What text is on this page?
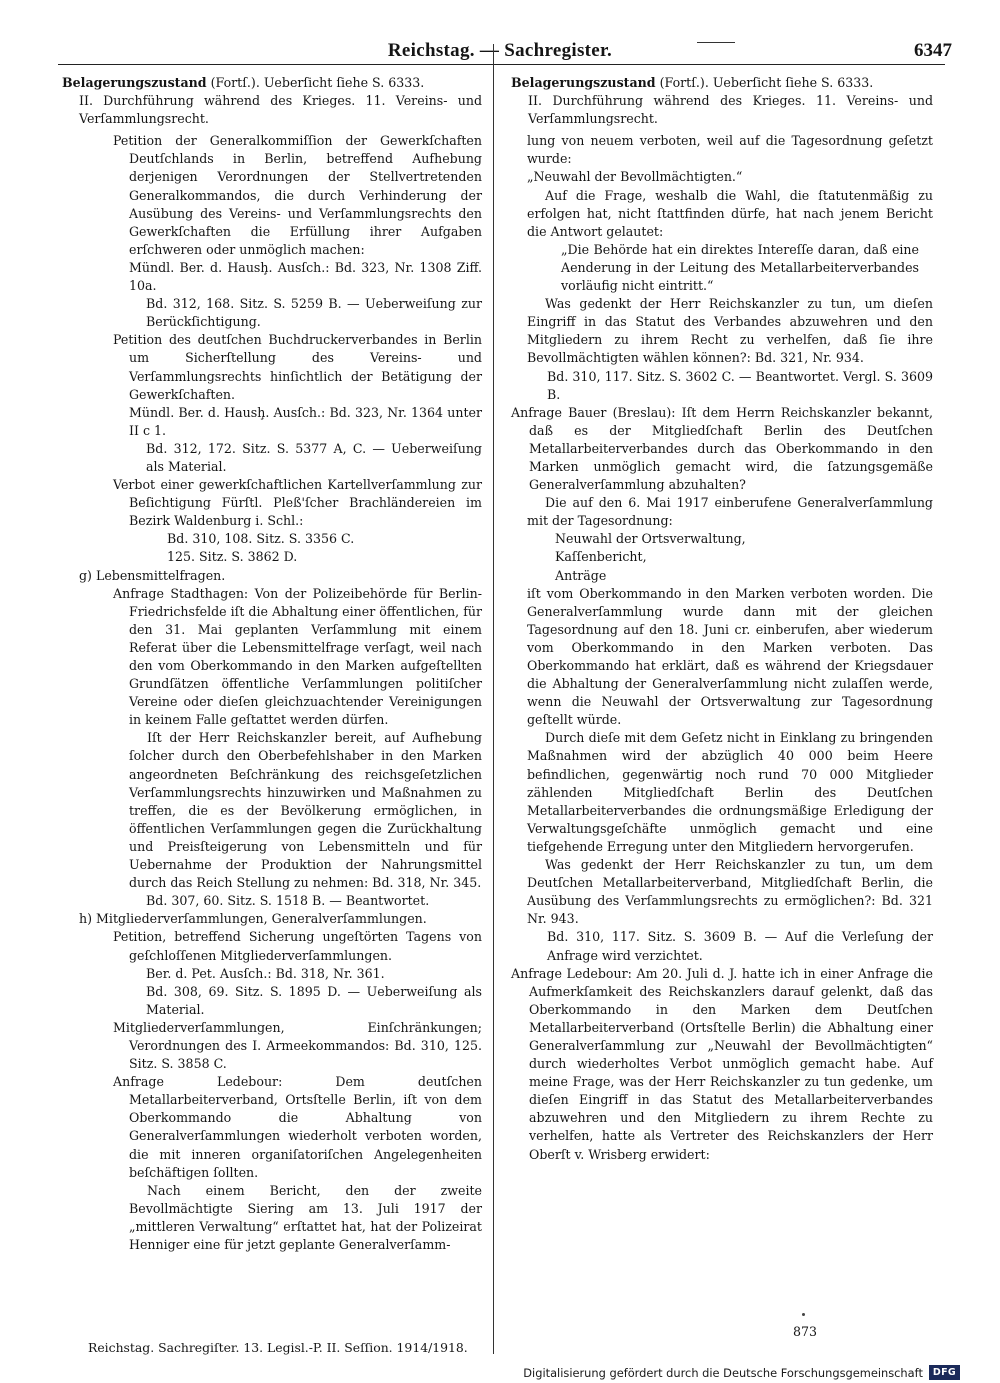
Reichstag. — Sachregister.	6347
Belagerungszustand (Fortſ.). Ueberſicht ſiehe S. 6333.
II. Durchführung während des Krieges. 11. Vereins- und Verſammlungsrecht.
Petition der Generalkommiſſion der Gewerkſchaften Deutſchlands in Berlin, betreffend Aufhebung derjenigen Verordnungen der Stellvertretenden Generalkommandos, die durch Verhinderung der Ausübung des Vereins- und Verſammlungsrechts den Gewerkſchaften die Erfüllung ihrer Aufgaben erſchweren oder unmöglich machen:
Mündl. Ber. d. Hausḩ. Ausſch.: Bd. 323, Nr. 1308 Ziff. 10a.
Bd. 312, 168. Sitz. S. 5259 B. — Ueberweiſung zur Berückſichtigung.
Petition des deutſchen Buchdruckerverbandes in Berlin um Sicherſtellung des Vereins- und Verſammlungsrechts hinſichtlich der Betätigung der Gewerkſchaften.
Mündl. Ber. d. Hausḩ. Ausſch.: Bd. 323, Nr. 1364 unter II c 1.
Bd. 312, 172. Sitz. S. 5377 A, C. — Ueberweiſung als Material.
Verbot einer gewerkſchaftlichen Kartellverſammlung zur Beſichtigung Fürſtl. Pleß'ſcher Brachländereien im Bezirk Waldenburg i. Schl.:
Bd. 310, 108. Sitz. S. 3356 C.
125. Sitz. S. 3862 D.
g) Lebensmittelfragen.
Anfrage Stadthagen: Von der Polizeibehörde für Berlin-Friedrichsfelde iſt die Abhaltung einer öffentlichen, für den 31. Mai geplanten Verſammlung mit einem Referat über die Lebensmittelfrage verſagt, weil nach den vom Oberkommando in den Marken aufgeſtellten Grundſätzen öffentliche Verſammlungen politiſcher Vereine oder dieſen gleichzuachtender Vereinigungen in keinem Falle geſtattet werden dürfen.
Iſt der Herr Reichskanzler bereit, auf Aufhebung ſolcher durch den Oberbefehlshaber in den Marken angeordneten Beſchränkung des reichsgeſetzlichen Verſammlungsrechts hinzuwirken und Maßnahmen zu treffen, die es der Bevölkerung ermöglichen, in öffentlichen Verſammlungen gegen die Zurückhaltung und Preisſteigerung von Lebensmitteln und für Uebernahme der Produktion der Nahrungsmittel durch das Reich Stellung zu nehmen: Bd. 318, Nr. 345.
Bd. 307, 60. Sitz. S. 1518 B. — Beantwortet.
h) Mitgliederverſammlungen, Generalverſammlungen.
Petition, betreffend Sicherung ungeſtörten Tagens von geſchloſſenen Mitgliederverſammlungen.
Ber. d. Pet. Ausſch.: Bd. 318, Nr. 361.
Bd. 308, 69. Sitz. S. 1895 D. — Ueberweiſung als Material.
Mitgliederverſammlungen, Einſchränkungen; Verordnungen des I. Armeekommandos: Bd. 310, 125. Sitz. S. 3858 C.
Anfrage Ledebour: Dem deutſchen Metallarbeiterverband, Ortsſtelle Berlin, iſt von dem Oberkommando die Abhaltung von Generalverſammlungen wiederholt verboten worden, die mit inneren organiſatoriſchen Angelegenheiten beſchäftigen ſollten.
Nach einem Bericht, den der zweite Bevollmächtigte Siering am 13. Juli 1917 der „mittleren Verwaltung“ erſtattet hat, hat der Polizeirat Henniger eine für jetzt geplante Generalverſamm-
Belagerungszustand (Fortſ.). Ueberſicht ſiehe S. 6333.
II. Durchführung während des Krieges. 11. Vereins- und Verſammlungsrecht.
lung von neuem verboten, weil auf die Tagesordnung geſetzt wurde:
„Neuwahl der Bevollmächtigten.“
Auf die Frage, weshalb die Wahl, die ſtatutenmäßig zu erfolgen hat, nicht ſtattfinden dürfe, hat nach jenem Bericht die Antwort gelautet:
„Die Behörde hat ein direktes Intereſſe daran, daß eine Aenderung in der Leitung des Metallarbeiterverbandes vorläufig nicht eintritt.“
Was gedenkt der Herr Reichskanzler zu tun, um dieſen Eingriff in das Statut des Verbandes abzuwehren und den Mitgliedern zu ihrem Recht zu verhelfen, daß ſie ihre Bevollmächtigten wählen können?: Bd. 321, Nr. 934.
Bd. 310, 117. Sitz. S. 3602 C. — Beantwortet. Vergl. S. 3609 B.
Anfrage Bauer (Breslau): Iſt dem Herrn Reichskanzler bekannt, daß es der Mitgliedſchaft Berlin des Deutſchen Metallarbeiterverbandes durch das Oberkommando in den Marken unmöglich gemacht wird, die ſatzungsgemäße Generalverſammlung abzuhalten?
Die auf den 6. Mai 1917 einberufene Generalverſammlung mit der Tagesordnung:
Neuwahl der Ortsverwaltung,
Kaſſenbericht,
Anträge
iſt vom Oberkommando in den Marken verboten worden. Die Generalverſammlung wurde dann mit der gleichen Tagesordnung auf den 18. Juni cr. einberufen, aber wiederum vom Oberkommando in den Marken verboten. Das Oberkommando hat erklärt, daß es während der Kriegsdauer die Abhaltung der Generalverſammlung nicht zulaſſen werde, wenn die Neuwahl der Ortsverwaltung zur Tagesordnung geſtellt würde.
Durch dieſe mit dem Geſetz nicht in Einklang zu bringenden Maßnahmen wird der abzüglich 40 000 beim Heere befindlichen, gegenwärtig noch rund 70 000 Mitglieder zählenden Mitgliedſchaft Berlin des Deutſchen Metallarbeiterverbandes die ordnungsmäßige Erledigung der Verwaltungsgeſchäfte unmöglich gemacht und eine tiefgehende Erregung unter den Mitgliedern hervorgerufen.
Was gedenkt der Herr Reichskanzler zu tun, um dem Deutſchen Metallarbeiterverband, Mitgliedſchaft Berlin, die Ausübung des Verſammlungsrechts zu ermöglichen?: Bd. 321 Nr. 943.
Bd. 310, 117. Sitz. S. 3609 B. — Auf die Verleſung der Anfrage wird verzichtet.
Anfrage Ledebour: Am 20. Juli d. J. hatte ich in einer Anfrage die Aufmerkſamkeit des Reichskanzlers darauf gelenkt, daß das Oberkommando in den Marken dem Deutſchen Metallarbeiterverband (Ortsſtelle Berlin) die Abhaltung einer Generalverſammlung zur „Neuwahl der Bevollmächtigten“ durch wiederholtes Verbot unmöglich gemacht habe. Auf meine Frage, was der Herr Reichskanzler zu tun gedenke, um dieſen Eingriff in das Statut des Metallarbeiterverbandes abzuwehren und den Mitgliedern zu ihrem Rechte zu verhelfen, hatte als Vertreter des Reichskanzlers der Herr Oberſt v. Wrisberg erwidert:
Reichstag. Sachregiſter. 13. Legisl.-P. II. Seſſion. 1914/1918.
873
Digitalisierung gefördert durch die Deutsche Forschungsgemeinschaft	DFG
